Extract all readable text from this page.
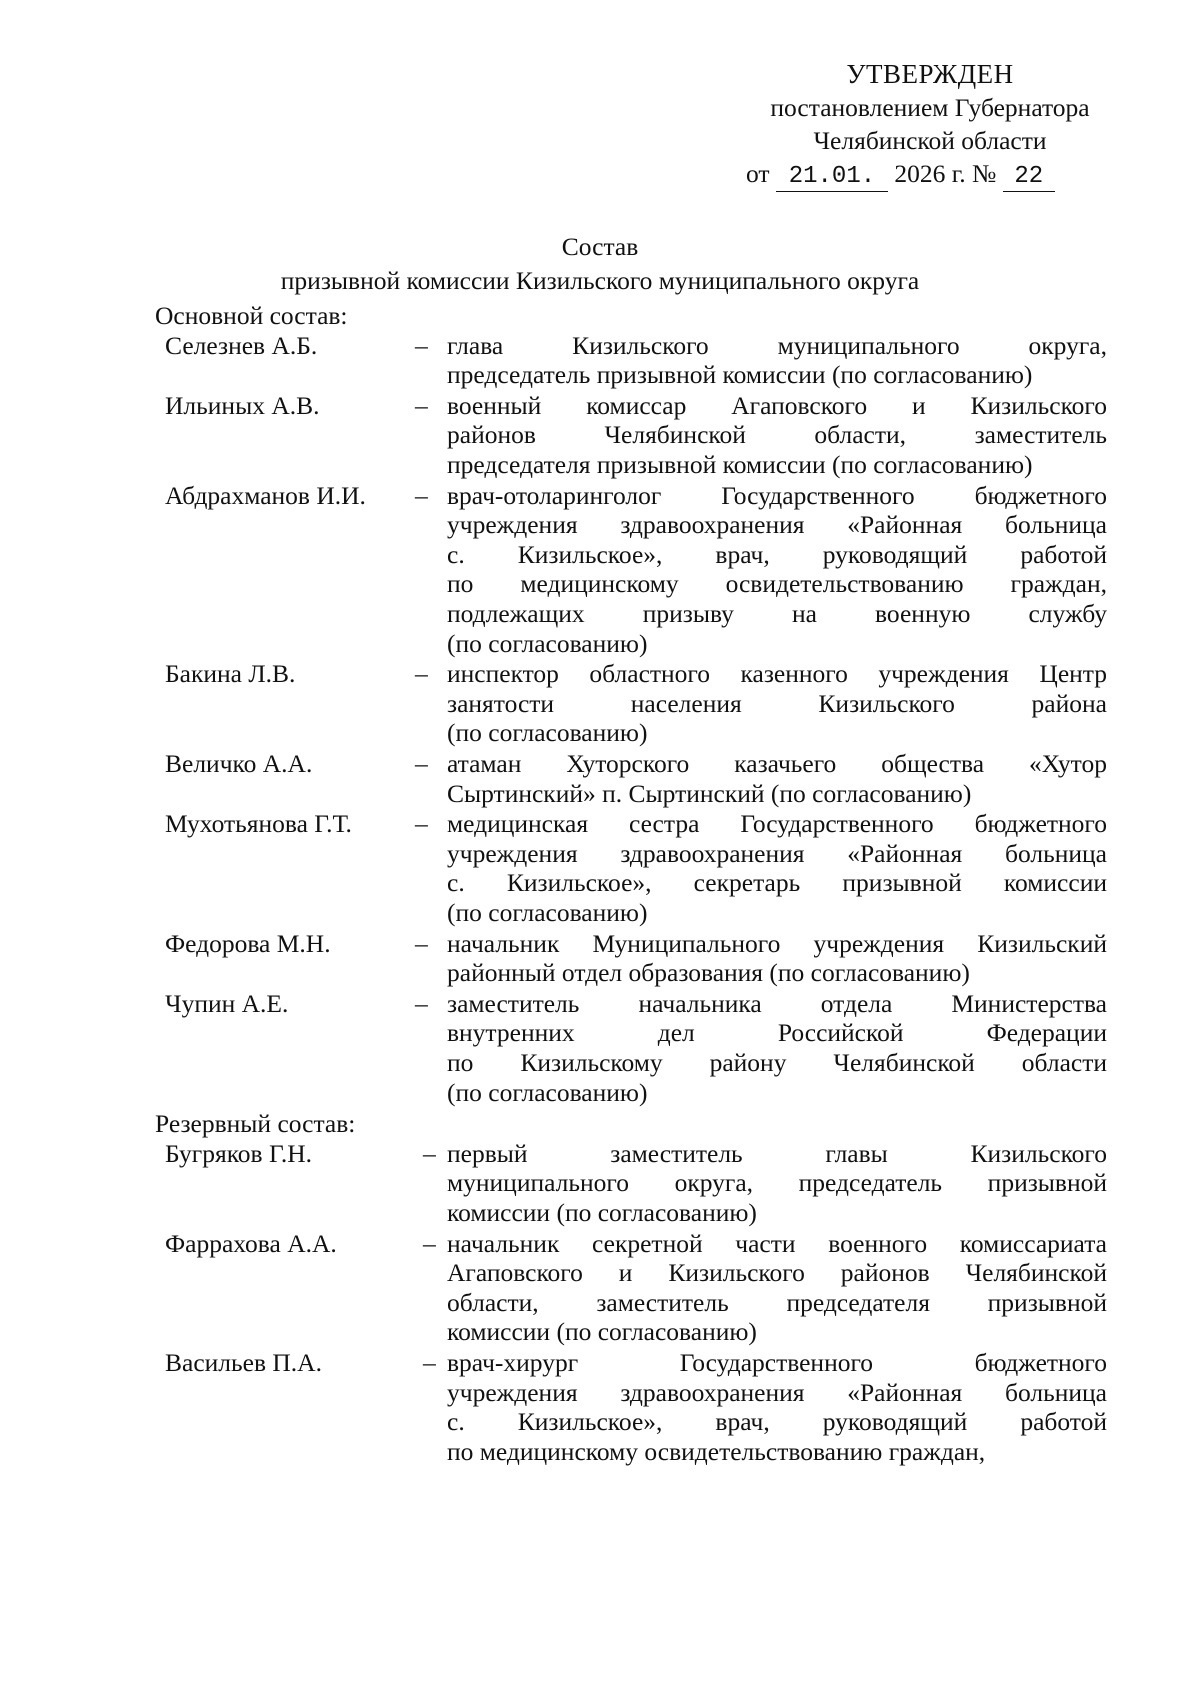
УТВЕРЖДЕН
постановлением Губернатора
Челябинской области
от 21.01. 2026 г. № 22
Состав
призывной комиссии Кизильского муниципального округа
Основной состав:
Селезнев А.Б.	– глава Кизильского муниципального округа,
председатель призывной комиссии (по согласованию)
Ильиных А.В.	– военный комиссар Агаповского и Кизильского
районов Челябинской области, заместитель
председателя призывной комиссии (по согласованию)
Абдрахманов И.И.	– врач-отоларинголог Государственного бюджетного
учреждения здравоохранения «Районная больница
с. Кизильское», врач, руководящий работой
по медицинскому освидетельствованию граждан,
подлежащих призыву на военную службу
(по согласованию)
Бакина Л.В.	– инспектор областного казенного учреждения Центр
занятости населения Кизильского района
(по согласованию)
Величко А.А.	– атаман Хуторского казачьего общества «Хутор
Сыртинский» п. Сыртинский (по согласованию)
Мухотьянова Г.Т.	– медицинская сестра Государственного бюджетного
учреждения здравоохранения «Районная больница
с. Кизильское», секретарь призывной комиссии
(по согласованию)
Федорова М.Н.	– начальник Муниципального учреждения Кизильский
районный отдел образования (по согласованию)
Чупин А.Е.	– заместитель начальника отдела Министерства
внутренних дел Российской Федерации
по Кизильскому району Челябинской области
(по согласованию)
Резервный состав:
Бугряков Г.Н.	– первый заместитель главы Кизильского
муниципального округа, председатель призывной
комиссии (по согласованию)
Фаррахова А.А.	– начальник секретной части военного комиссариата
Агаповского и Кизильского районов Челябинской
области, заместитель председателя призывной
комиссии (по согласованию)
Васильев П.А.	– врач-хирург Государственного бюджетного
учреждения здравоохранения «Районная больница
с. Кизильское», врач, руководящий работой
по медицинскому освидетельствованию граждан,
